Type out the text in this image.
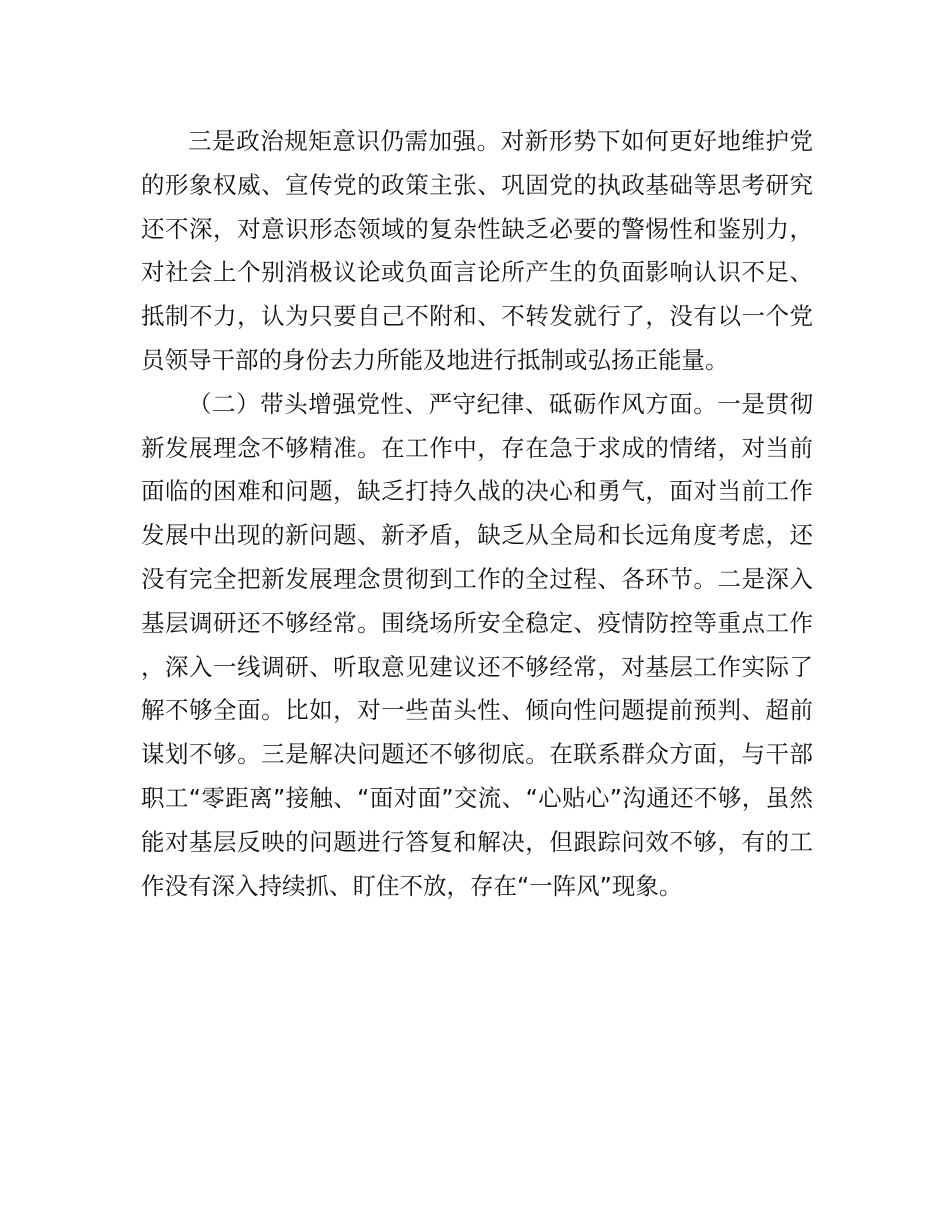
三是政治规矩意识仍需加强。对新形势下如何更好地维护党的形象权威、宣传党的政策主张、巩固党的执政基础等思考研究还不深，对意识形态领域的复杂性缺乏必要的警惕性和鉴别力，对社会上个别消极议论或负面言论所产生的负面影响认识不足、抵制不力，认为只要自己不附和、不转发就行了，没有以一个党员领导干部的身份去力所能及地进行抵制或弘扬正能量。

（二）带头增强党性、严守纪律、砥砺作风方面。一是贯彻新发展理念不够精准。在工作中，存在急于求成的情绪，对当前面临的困难和问题，缺乏打持久战的决心和勇气，面对当前工作发展中出现的新问题、新矛盾，缺乏从全局和长远角度考虑，还没有完全把新发展理念贯彻到工作的全过程、各环节。二是深入基层调研还不够经常。围绕场所安全稳定、疫情防控等重点工作，深入一线调研、听取意见建议还不够经常，对基层工作实际了解不够全面。比如，对一些苗头性、倾向性问题提前预判、超前谋划不够。三是解决问题还不够彻底。在联系群众方面，与干部职工“零距离”接触、“面对面”交流、“心贴心”沟通还不够，虽然能对基层反映的问题进行答复和解决，但跟踪问效不够，有的工作没有深入持续抓、盯住不放，存在“一阵风”现象。
